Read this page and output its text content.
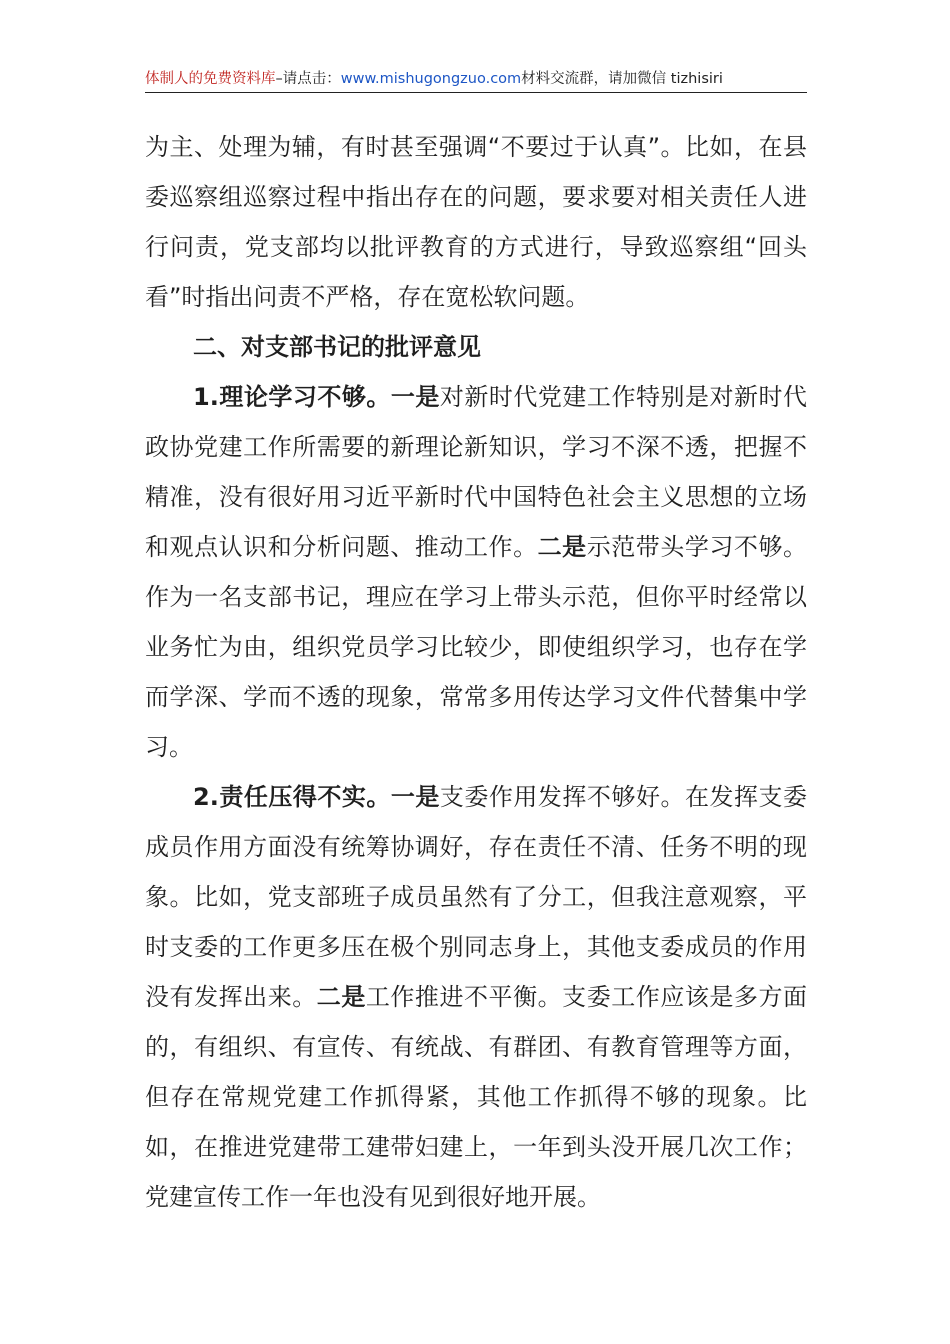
体制人的免费资料库–请点击：www.mishugongzuo.com材料交流群，请加微信 tizhisiri

为主、处理为辅，有时甚至强调“不要过于认真”。比如，在县委巡察组巡察过程中指出存在的问题，要求要对相关责任人进行问责，党支部均以批评教育的方式进行，导致巡察组“回头看”时指出问责不严格，存在宽松软问题。

二、对支部书记的批评意见

1.理论学习不够。一是对新时代党建工作特别是对新时代政协党建工作所需要的新理论新知识，学习不深不透，把握不精准，没有很好用习近平新时代中国特色社会主义思想的立场和观点认识和分析问题、推动工作。二是示范带头学习不够。作为一名支部书记，理应在学习上带头示范，但你平时经常以业务忙为由，组织党员学习比较少，即使组织学习，也存在学而学深、学而不透的现象，常常多用传达学习文件代替集中学习。

2.责任压得不实。一是支委作用发挥不够好。在发挥支委成员作用方面没有统筹协调好，存在责任不清、任务不明的现象。比如，党支部班子成员虽然有了分工，但我注意观察，平时支委的工作更多压在极个别同志身上，其他支委成员的作用没有发挥出来。二是工作推进不平衡。支委工作应该是多方面的，有组织、有宣传、有统战、有群团、有教育管理等方面，但存在常规党建工作抓得紧，其他工作抓得不够的现象。比如，在推进党建带工建带妇建上，一年到头没开展几次工作；党建宣传工作一年也没有见到很好地开展。
